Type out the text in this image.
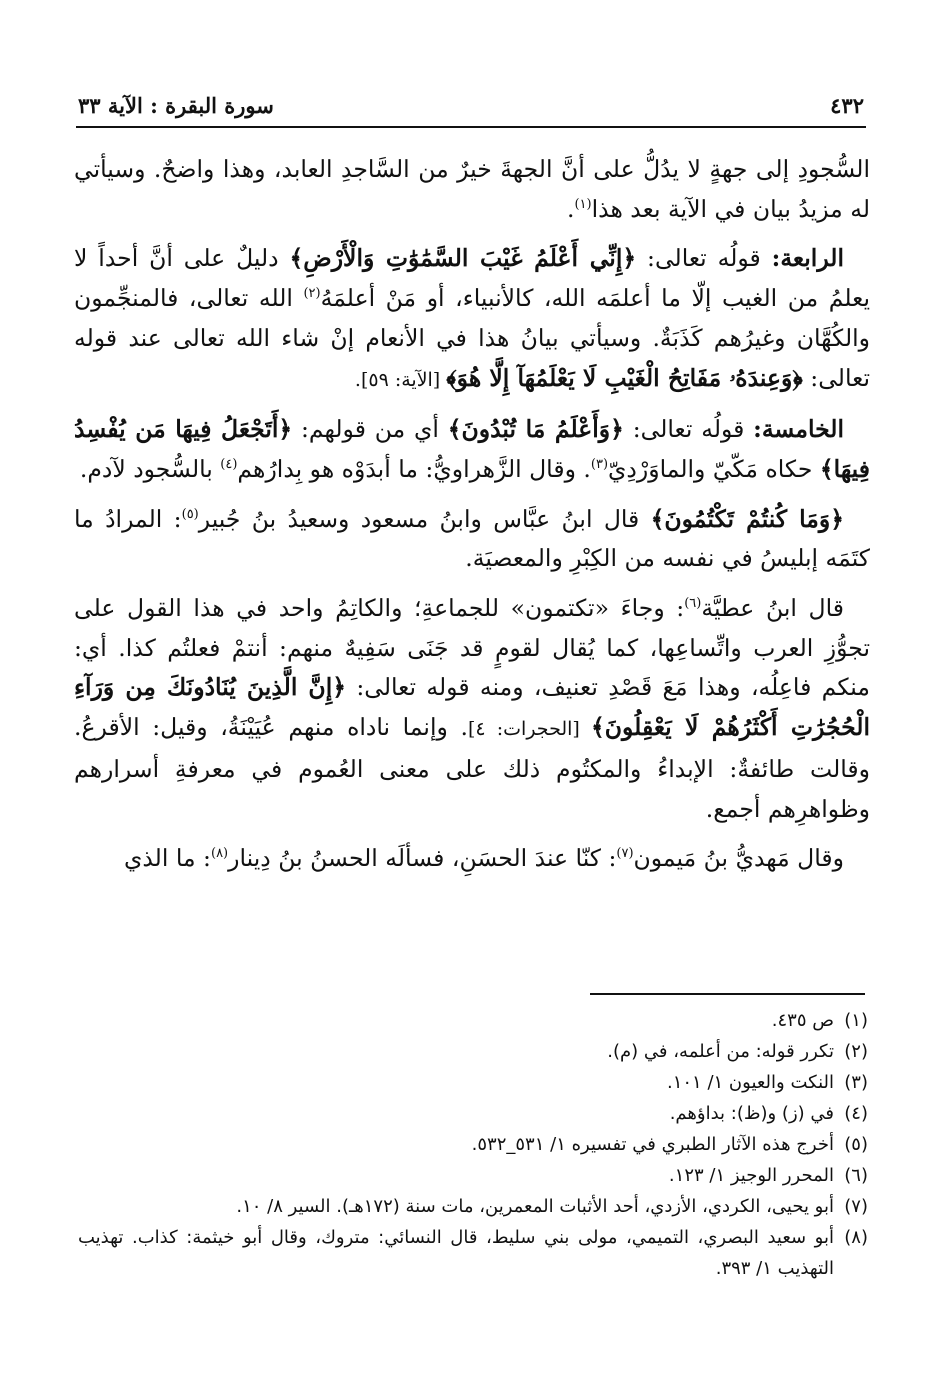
٤٣٢
سورة البقرة : الآية ٣٣

السُّجودِ إلى جهةٍ لا يدُلُّ على أنَّ الجهةَ خيرٌ من السَّاجدِ العابد، وهذا واضحٌ. وسيأتي له مزيدُ بيان في الآية بعد هذا$^{(١)}$.

الرابعة: قولُه تعالى: ﴿إِنِّي أَعْلَمُ غَيْبَ السَّمَٰوَٰتِ وَالْأَرْضِ﴾ دليلٌ على أنَّ أحداً لا يعلمُ من الغيب إلّا ما أعلمَه الله، كالأنبياء، أو مَنْ أعلمَهُ$^{(٢)}$ الله تعالى، فالمنجِّمون والكُهَّان وغيرُهم كَذَبَةٌ. وسيأتي بيانُ هذا في الأنعام إنْ شاء الله تعالى عند قوله تعالى: ﴿وَعِندَهُۥ مَفَاتِحُ الْغَيْبِ لَا يَعْلَمُهَآ إِلَّا هُوَ﴾ [الآية: ٥٩].

الخامسة: قولُه تعالى: ﴿وَأَعْلَمُ مَا تُبْدُونَ﴾ أي من قولهم: ﴿أَتَجْعَلُ فِيهَا مَن يُفْسِدُ فِيهَا﴾ حكاه مَكّيّ والماوَرْدِيّ$^{(٣)}$. وقال الزَّهراويُّ: ما أبدَوْه هو بِدارُهم$^{(٤)}$ بالسُّجود لآدم.

﴿وَمَا كُنتُمْ تَكْتُمُونَ﴾ قال ابنُ عبَّاس وابنُ مسعود وسعيدُ بنُ جُبير$^{(٥)}$: المرادُ ما كتَمَه إبليسُ في نفسه من الكِبْرِ والمعصيَة.

قال ابنُ عطيَّة$^{(٦)}$: وجاءَ «تكتمون» للجماعةِ؛ والكاتِمُ واحد في هذا القول على تجوُّزِ العرب واتِّساعِها، كما يُقال لقومٍ قد جَنَى سَفِيهٌ منهم: أنتمْ فعلتُم كذا. أي: منكم فاعِلُه، وهذا مَعَ قَصْدِ تعنيف، ومنه قوله تعالى: ﴿إِنَّ الَّذِينَ يُنَادُونَكَ مِن وَرَآءِ الْحُجُرَٰتِ أَكْثَرُهُمْ لَا يَعْقِلُونَ﴾ [الحجرات: ٤]. وإنما ناداه منهم عُيَيْنَةُ، وقيل: الأقرعُ. وقالت طائفةٌ: الإبداءُ والمكتُوم ذلك على معنى العُموم في معرفةِ أسرارهم وظواهرِهم أجمع.

وقال مَهديُّ بنُ مَيمون$^{(٧)}$: كنّا عندَ الحسَنِ، فسألَه الحسنُ بنُ دِينار$^{(٨)}$: ما الذي

(١)
ص ٤٣٥.
(٢)
تكرر قوله: من أعلمه، في (م).
(٣)
النكت والعيون ١/ ١٠١.
(٤)
في (ز) و(ظ): بداؤهم.
(٥)
أخرج هذه الآثار الطبري في تفسيره ١/ ٥٣١_٥٣٢.
(٦)
المحرر الوجيز ١/ ١٢٣.
(٧)
أبو يحيى، الكردي، الأزدي، أحد الأثبات المعمرين، مات سنة (١٧٢هـ). السير ٨/ ١٠.
(٨)
أبو سعيد البصري، التميمي، مولى بني سليط، قال النسائي: متروك، وقال أبو خيثمة: كذاب. تهذيب التهذيب ١/ ٣٩٣.
